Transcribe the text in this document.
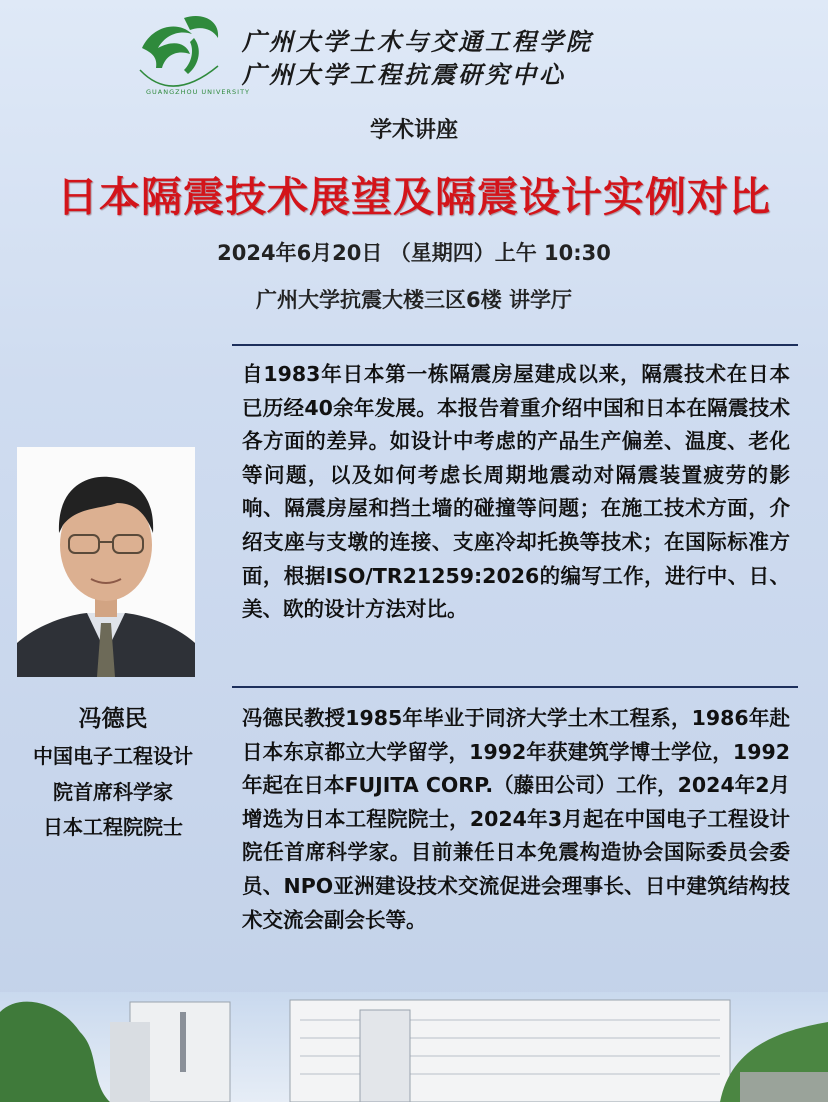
GUANGZHOU UNIVERSITY
广州大学土木与交通工程学院
广州大学工程抗震研究中心
学术讲座
日本隔震技术展望及隔震设计实例对比
2024年6月20日 （星期四）上午 10:30
广州大学抗震大楼三区6楼 讲学厅

自1983年日本第一栋隔震房屋建成以来，隔震技术在日本已历经40余年发展。本报告着重介绍中国和日本在隔震技术各方面的差异。如设计中考虑的产品生产偏差、温度、老化等问题，以及如何考虑长周期地震动对隔震装置疲劳的影响、隔震房屋和挡土墙的碰撞等问题；在施工技术方面，介绍支座与支墩的连接、支座冷却托换等技术；在国际标准方面，根据ISO/TR21259:2026的编写工作，进行中、日、美、欧的设计方法对比。

冯德民
中国电子工程设计
院首席科学家
日本工程院院士

冯德民教授1985年毕业于同济大学土木工程系，1986年赴日本东京都立大学留学，1992年获建筑学博士学位，1992年起在日本FUJITA CORP.（藤田公司）工作，2024年2月增选为日本工程院院士，2024年3月起在中国电子工程设计院任首席科学家。目前兼任日本免震构造协会国际委员会委员、NPO亚洲建设技术交流促进会理事长、日中建筑结构技术交流会副会长等。
